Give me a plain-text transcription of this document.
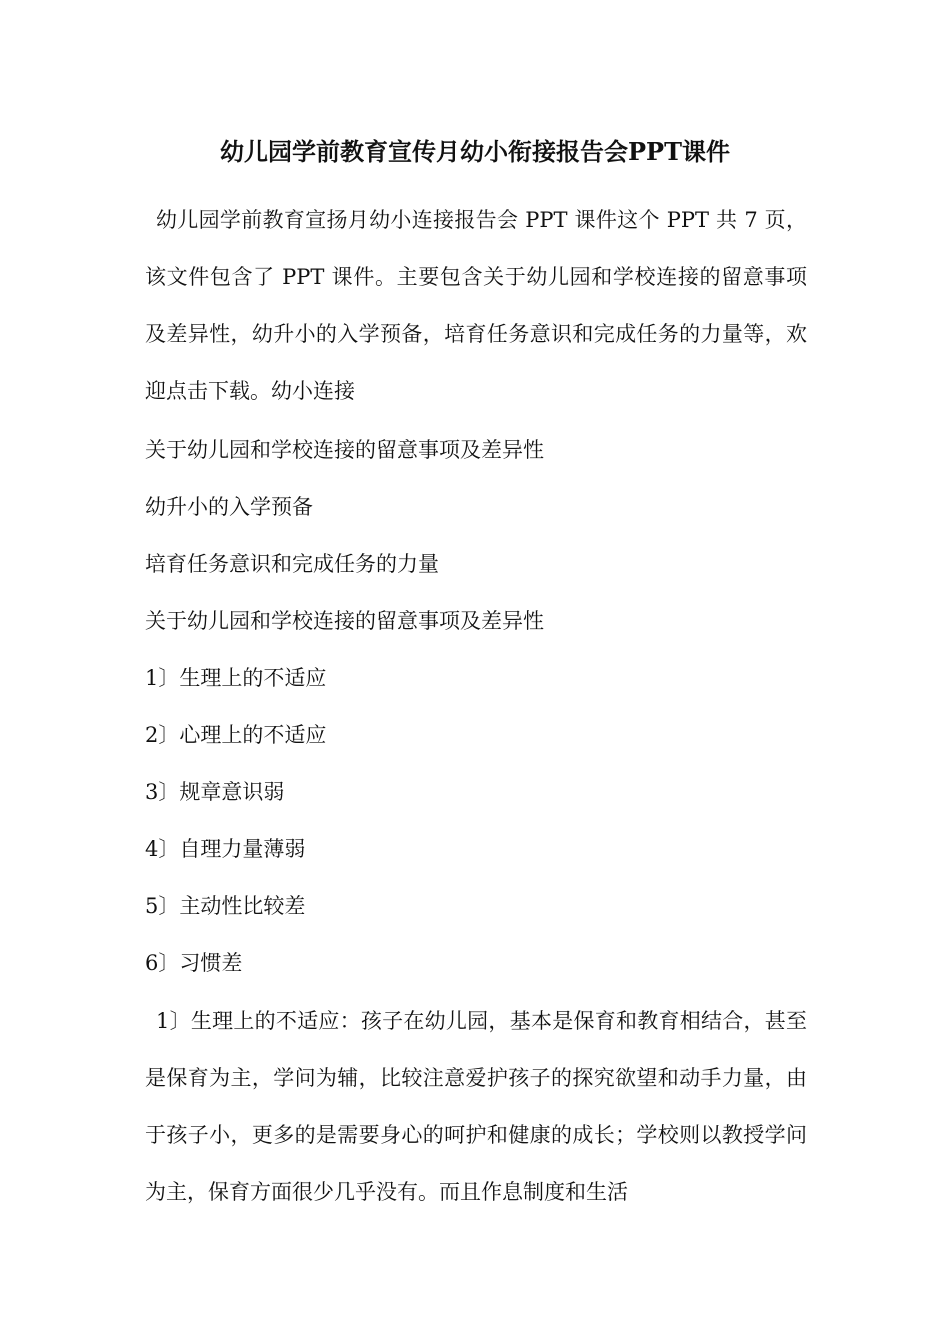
幼儿园学前教育宣传月幼小衔接报告会PPT课件

幼儿园学前教育宣扬月幼小连接报告会 PPT 课件这个 PPT 共 7 页，该文件包含了 PPT 课件。主要包含关于幼儿园和学校连接的留意事项及差异性，幼升小的入学预备，培育任务意识和完成任务的力量等，欢迎点击下载。幼小连接

关于幼儿园和学校连接的留意事项及差异性
幼升小的入学预备
培育任务意识和完成任务的力量
关于幼儿园和学校连接的留意事项及差异性
1〕生理上的不适应
2〕心理上的不适应
3〕规章意识弱
4〕自理力量薄弱
5〕主动性比较差
6〕习惯差

1〕生理上的不适应：孩子在幼儿园，基本是保育和教育相结合，甚至是保育为主，学问为辅，比较注意爱护孩子的探究欲望和动手力量，由于孩子小，更多的是需要身心的呵护和健康的成长；学校则以教授学问为主，保育方面很少几乎没有。而且作息制度和生活
